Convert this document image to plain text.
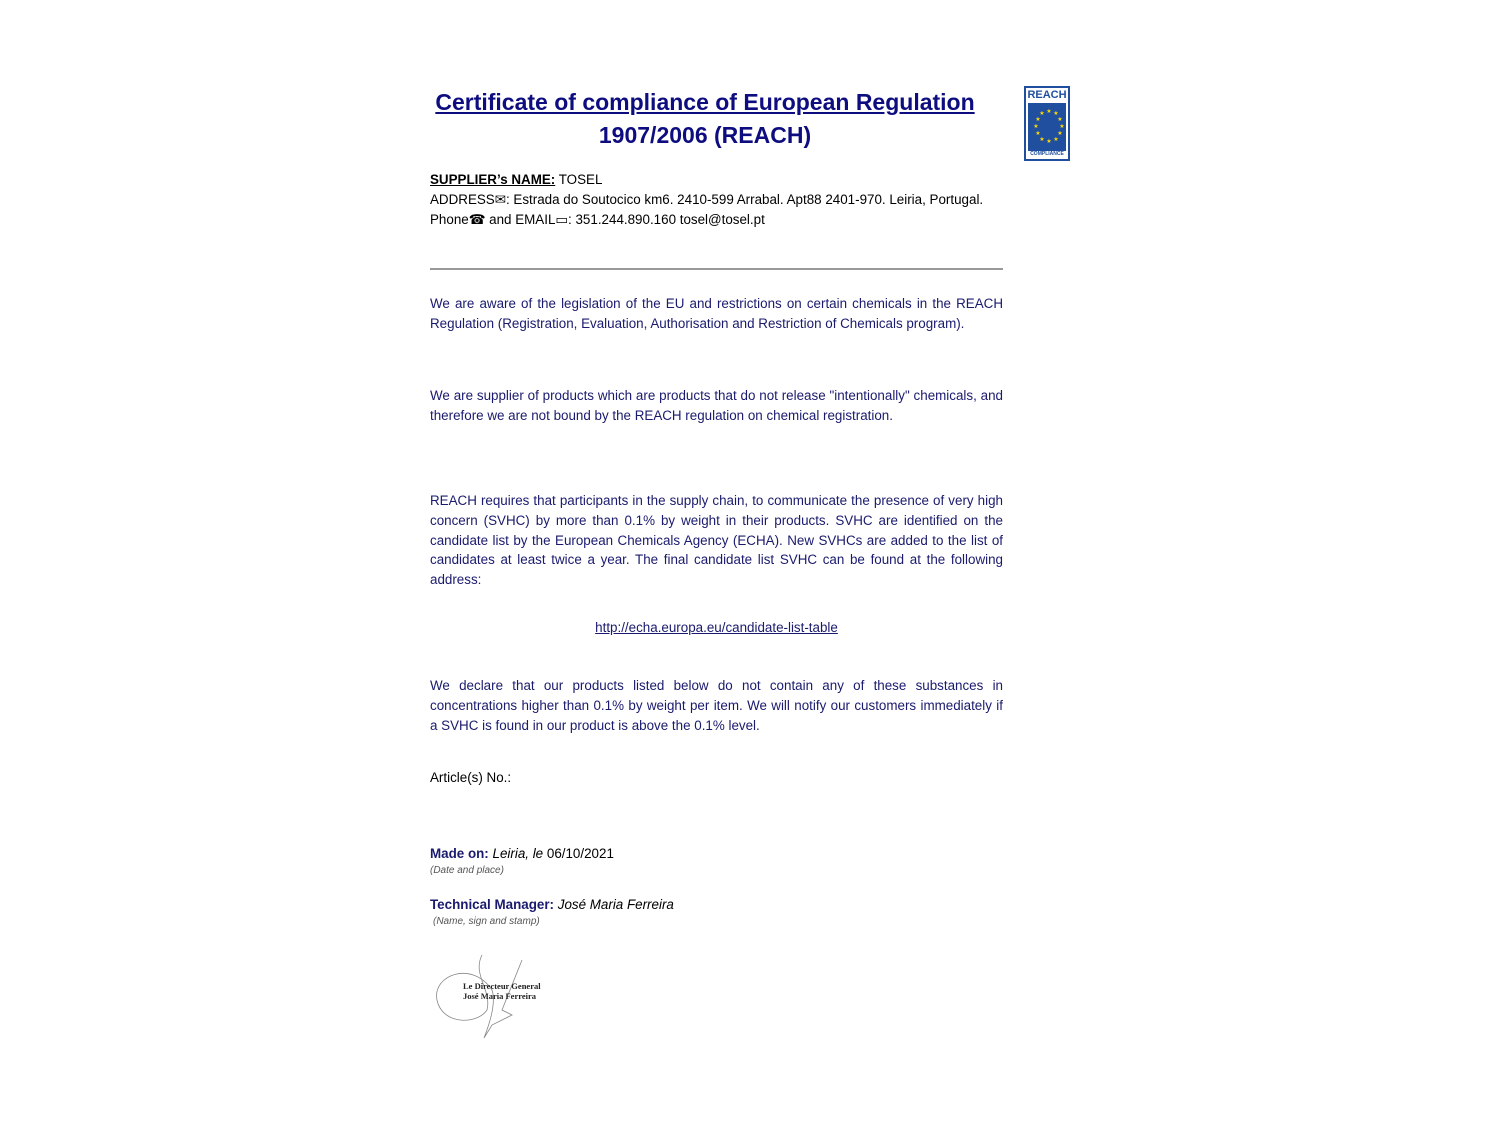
Certificate of compliance of European Regulation
1907/2006 (REACH)
REACH
★ ★
★
★
★
★
★
★
★
★
★
★
COMPLIANCE
SUPPLIER’s NAME: TOSEL
ADDRESS✉: Estrada do Soutocico km6. 2410-599 Arrabal. Apt88 2401-970. Leiria, Portugal.
Phone☎ and EMAIL▭: 351.244.890.160 tosel@tosel.pt
We are aware of the legislation of the EU and restrictions on certain chemicals in the REACH Regulation (Registration, Evaluation, Authorisation and Restriction of Chemicals program).
We are supplier of products which are products that do not release "intentionally" chemicals, and therefore we are not bound by the REACH regulation on chemical registration.
REACH requires that participants in the supply chain, to communicate the presence of very high concern (SVHC) by more than 0.1% by weight in their products. SVHC are identified on the candidate list by the European Chemicals Agency (ECHA). New SVHCs are added to the list of candidates at least twice a year. The final candidate list SVHC can be found at the following address:
http://echa.europa.eu/candidate-list-table
We declare that our products listed below do not contain any of these substances in concentrations higher than 0.1% by weight per item. We will notify our customers immediately if a SVHC is found in our product is above the 0.1% level.
Article(s) No.:
Made on: Leiria, le 06/10/2021
(Date and place)
Technical Manager: José Maria Ferreira
(Name, sign and stamp)
Le Directeur General
José Maria Ferreira
